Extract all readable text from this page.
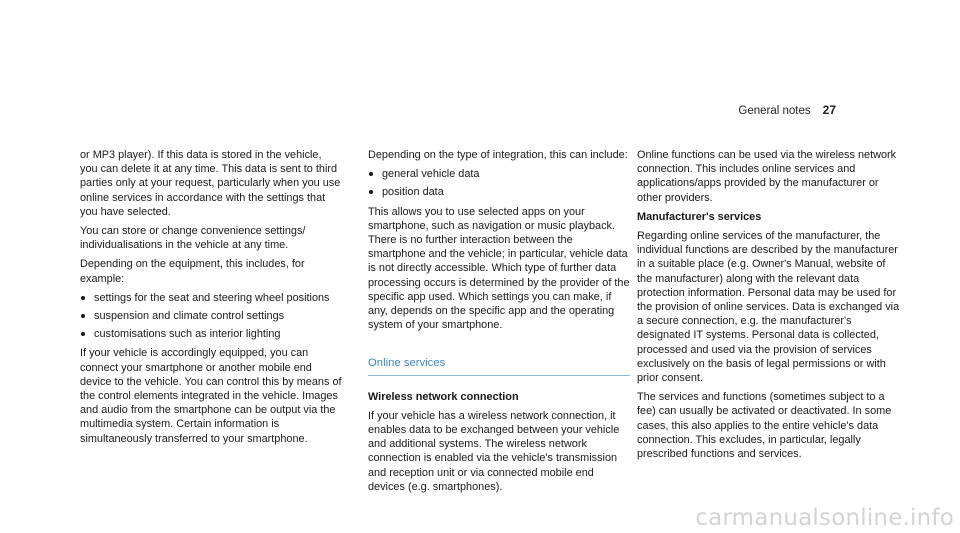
General notes 27

or MP3 player). If this data is stored in the vehicle, you can delete it at any time. This data is sent to third parties only at your request, particularly when you use online services in accordance with the settings that you have selected.

You can store or change convenience settings/ individualisations in the vehicle at any time.

Depending on the equipment, this includes, for example:

settings for the seat and steering wheel positions
suspension and climate control settings
customisations such as interior lighting

If your vehicle is accordingly equipped, you can connect your smartphone or another mobile end device to the vehicle. You can control this by means of the control elements integrated in the vehicle. Images and audio from the smartphone can be output via the multimedia system. Certain information is simultaneously transferred to your smartphone.

Depending on the type of integration, this can include:

general vehicle data
position data

This allows you to use selected apps on your smartphone, such as navigation or music playback. There is no further interaction between the smartphone and the vehicle; in particular, vehicle data is not directly accessible. Which type of further data processing occurs is determined by the provider of the specific app used. Which settings you can make, if any, depends on the specific app and the operating system of your smartphone.

Online services

Wireless network connection

If your vehicle has a wireless network connection, it enables data to be exchanged between your vehicle and additional systems. The wireless network connection is enabled via the vehicle's transmission and reception unit or via connected mobile end devices (e.g. smartphones).

Online functions can be used via the wireless network connection. This includes online services and applications/apps provided by the manufacturer or other providers.

Manufacturer's services

Regarding online services of the manufacturer, the individual functions are described by the manufacturer in a suitable place (e.g. Owner's Manual, website of the manufacturer) along with the relevant data protection information. Personal data may be used for the provision of online services. Data is exchanged via a secure connection, e.g. the manufacturer's designated IT systems. Personal data is collected, processed and used via the provision of services exclusively on the basis of legal permissions or with prior consent.

The services and functions (sometimes subject to a fee) can usually be activated or deactivated. In some cases, this also applies to the entire vehicle's data connection. This excludes, in particular, legally prescribed functions and services.

carmanualsonline.info
